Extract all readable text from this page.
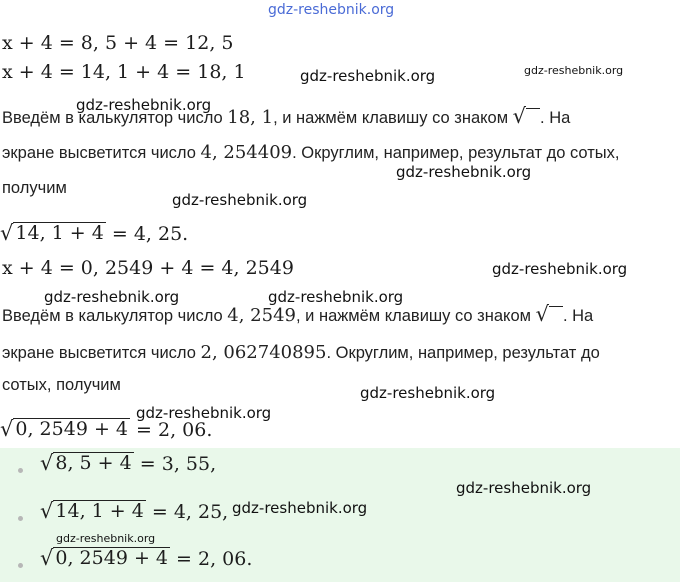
gdz-reshebnik.org
gdz-reshebnik.org	gdz-reshebnik.org
gdz-reshebnik.org
gdz-reshebnik.org
gdz-reshebnik.org
gdz-reshebnik.org
gdz-reshebnik.org	gdz-reshebnik.org
gdz-reshebnik.org
gdz-reshebnik.org
x + 4 = 8, 5 + 4 = 12, 5
x + 4 = 14, 1 + 4 = 18, 1
Введём в калькулятор число 18, 1, и нажмём клавишу со знаком √
. На
экране высветится число 4, 254409. Округлим, например, результат до сотых,
получим
√ 14, 1 + 4 = 4, 25.
x + 4 = 0, 2549 + 4 = 4, 2549
Введём в калькулятор число 4, 2549, и нажмём клавишу со знаком √
. На
экране высветится число 2, 062740895. Округлим, например, результат до
сотых, получим
√ 0, 2549 + 4 = 2, 06.
√ 8, 5 + 4 = 3, 55,
√ 14, 1 + 4 = 4, 25,
√ 0, 2549 + 4 = 2, 06.
gdz-reshebnik.org
gdz-reshebnik.org
gdz-reshebnik.org
